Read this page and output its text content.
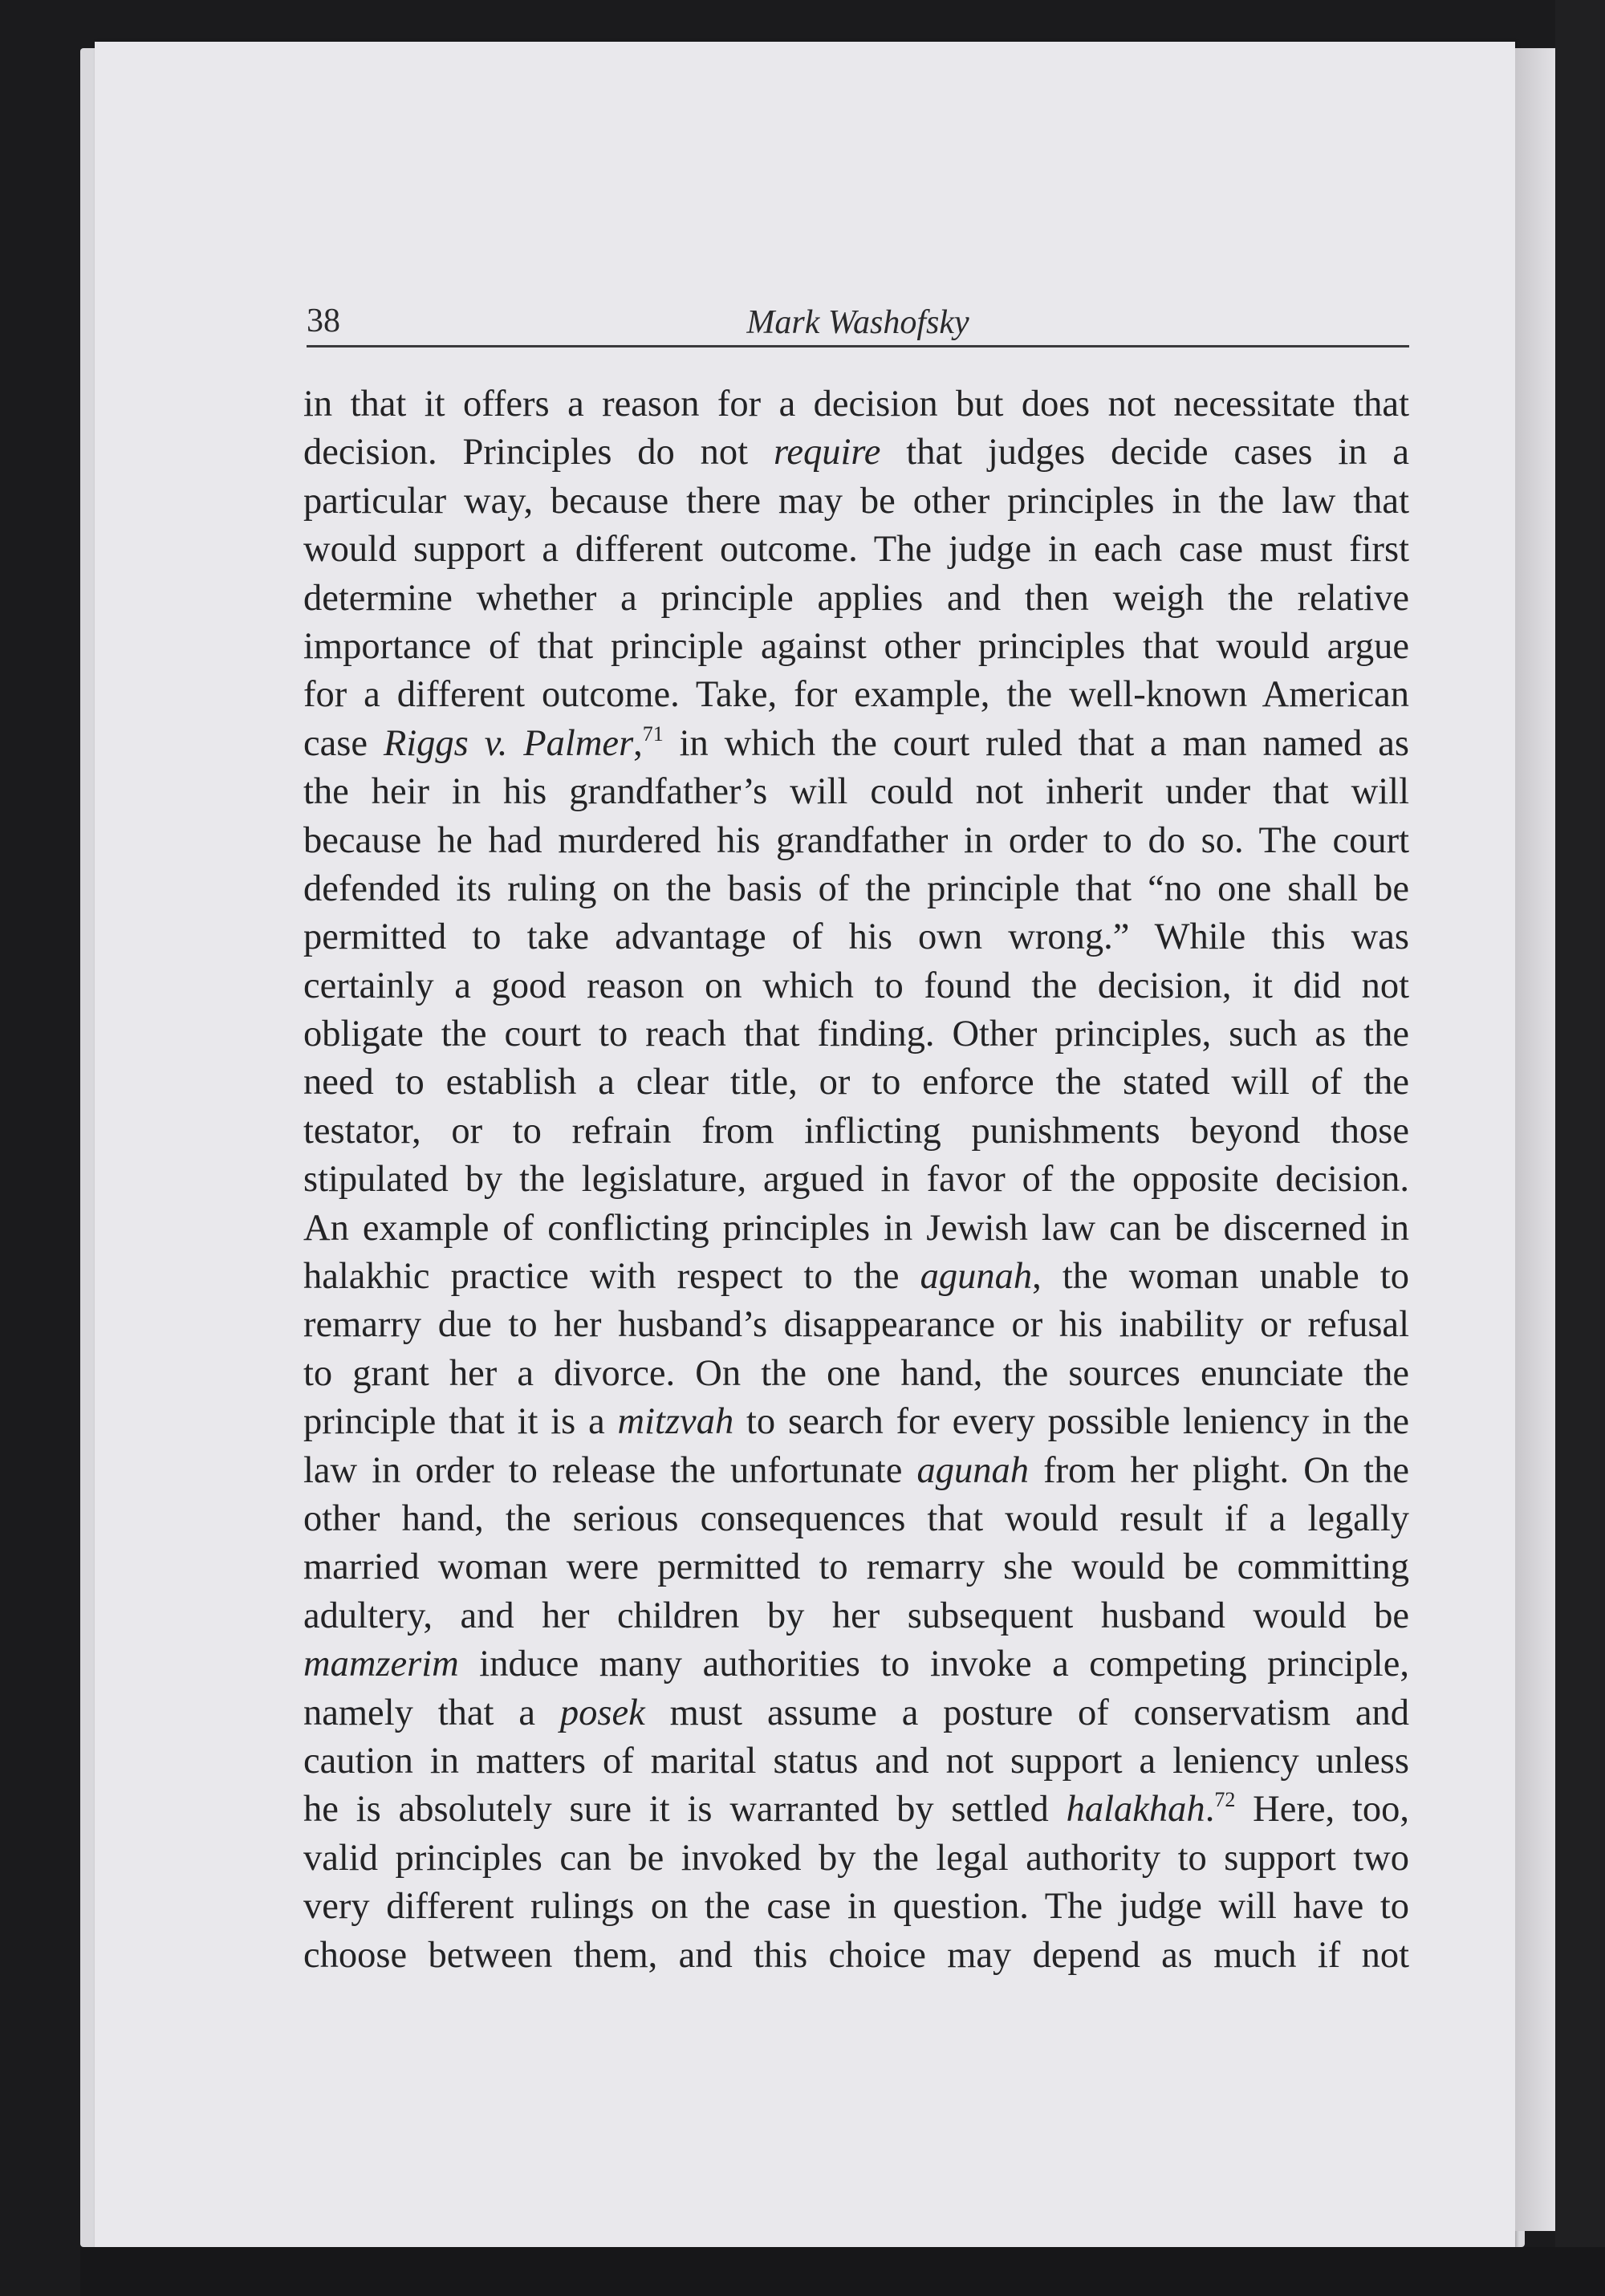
38	Mark Washofsky
in that it offers a reason for a decision but does not necessitate that
decision. Principles do not require that judges decide cases in a
particular way, because there may be other principles in the law that
would support a different outcome. The judge in each case must first
determine whether a principle applies and then weigh the relative
importance of that principle against other principles that would argue
for a different outcome. Take, for example, the well-known American
case Riggs v. Palmer,$^{71}$ in which the court ruled that a man named as
the heir in his grandfather’s will could not inherit under that will
because he had murdered his grandfather in order to do so. The court
defended its ruling on the basis of the principle that “no one shall be
permitted to take advantage of his own wrong.” While this was
certainly a good reason on which to found the decision, it did not
obligate the court to reach that finding. Other principles, such as the
need to establish a clear title, or to enforce the stated will of the
testator, or to refrain from inflicting punishments beyond those
stipulated by the legislature, argued in favor of the opposite decision.
An example of conflicting principles in Jewish law can be discerned in
halakhic practice with respect to the agunah, the woman unable to
remarry due to her husband’s disappearance or his inability or refusal
to grant her a divorce. On the one hand, the sources enunciate the
principle that it is a mitzvah to search for every possible leniency in the
law in order to release the unfortunate agunah from her plight. On the
other hand, the serious consequences that would result if a legally
married woman were permitted to remarry she would be committing
adultery, and her children by her subsequent husband would be
mamzerim induce many authorities to invoke a competing principle,
namely that a posek must assume a posture of conservatism and
caution in matters of marital status and not support a leniency unless
he is absolutely sure it is warranted by settled halakhah.$^{72}$ Here, too,
valid principles can be invoked by the legal authority to support two
very different rulings on the case in question. The judge will have to
choose between them, and this choice may depend as much if not
